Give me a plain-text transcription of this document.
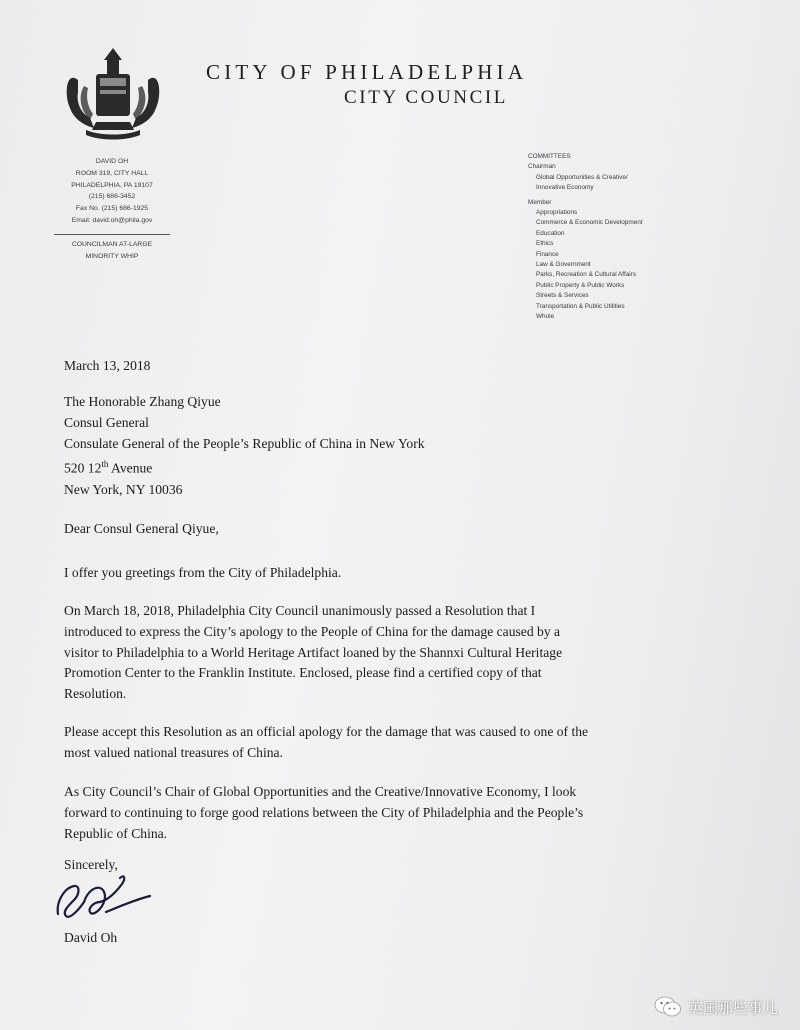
CITY OF PHILADELPHIA
CITY COUNCIL
DAVID OH
ROOM 319, CITY HALL
PHILADELPHIA, PA 19107
(215) 686-3452
Fax No. (215) 686-1925
Email: david.oh@phila.gov
COUNCILMAN AT-LARGE
MINORITY WHIP
COMMITTEES
Chairman
Global Opportunities & Creative/
Innovative Economy
Member
Appropriations
Commerce & Economic Development
Education
Ethics
Finance
Law & Government
Parks, Recreation & Cultural Affairs
Public Property & Public Works
Streets & Services
Transportation & Public Utilities
Whole
March 13, 2018

The Honorable Zhang Qiyue

Consul General

Consulate General of the People’s Republic of China in New York

520 12th Avenue

New York, NY 10036

Dear Consul General Qiyue,
I offer you greetings from the City of Philadelphia.

On March 18, 2018, Philadelphia City Council unanimously passed a Resolution that I

introduced to express the City’s apology to the People of China for the damage caused by a

visitor to Philadelphia to a World Heritage Artifact loaned by the Shannxi Cultural Heritage

Promotion Center to the Franklin Institute. Enclosed, please find a certified copy of that

Resolution.

Please accept this Resolution as an official apology for the damage that was caused to one of the

most valued national treasures of China.

As City Council’s Chair of Global Opportunities and the Creative/Innovative Economy, I look

forward to continuing to forge good relations between the City of Philadelphia and the People’s

Republic of China.

Sincerely,
David Oh
英国那些事儿
